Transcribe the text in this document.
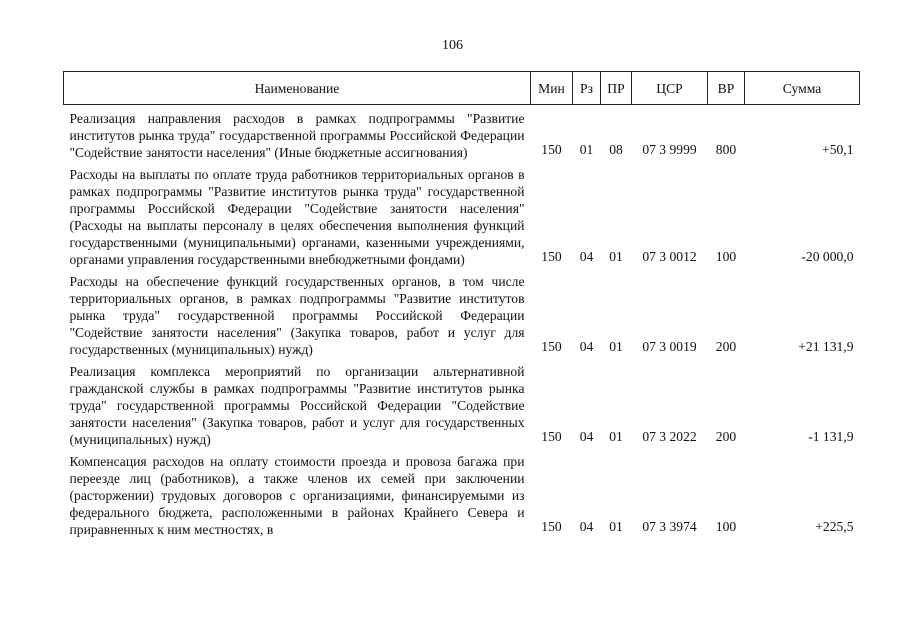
106
Наименование	Мин	Рз	ПР	ЦСР	ВР	Сумма
Реализация направления расходов в рамках подпрограммы "Развитие институтов рынка труда" государственной программы Российской Федерации "Содействие занятости населения" (Иные бюджетные ассигнования)	150	01	08	07 3 9999	800	+50,1
Расходы на выплаты по оплате труда работников территориальных органов в рамках подпрограммы "Развитие институтов рынка труда" государственной программы Российской Федерации "Содействие занятости населения" (Расходы на выплаты персоналу в целях обеспечения выполнения функций государственными (муниципальными) органами, казенными учреждениями, органами управления государственными внебюджетными фондами)	150	04	01	07 3 0012	100	-20 000,0
Расходы на обеспечение функций государственных органов, в том числе территориальных органов, в рамках подпрограммы "Развитие институтов рынка труда" государственной программы Российской Федерации "Содействие занятости населения" (Закупка товаров, работ и услуг для государственных (муниципальных) нужд)	150	04	01	07 3 0019	200	+21 131,9
Реализация комплекса мероприятий по организации альтернативной гражданской службы в рамках подпрограммы "Развитие институтов рынка труда" государственной программы Российской Федерации "Содействие занятости населения" (Закупка товаров, работ и услуг для государственных (муниципальных) нужд)	150	04	01	07 3 2022	200	-1 131,9
Компенсация расходов на оплату стоимости проезда и провоза багажа при переезде лиц (работников), а также членов их семей при заключении (расторжении) трудовых договоров с организациями, финансируемыми из федерального бюджета, расположенными в районах Крайнего Севера и приравненных к ним местностях, в	150	04	01	07 3 3974	100	+225,5
